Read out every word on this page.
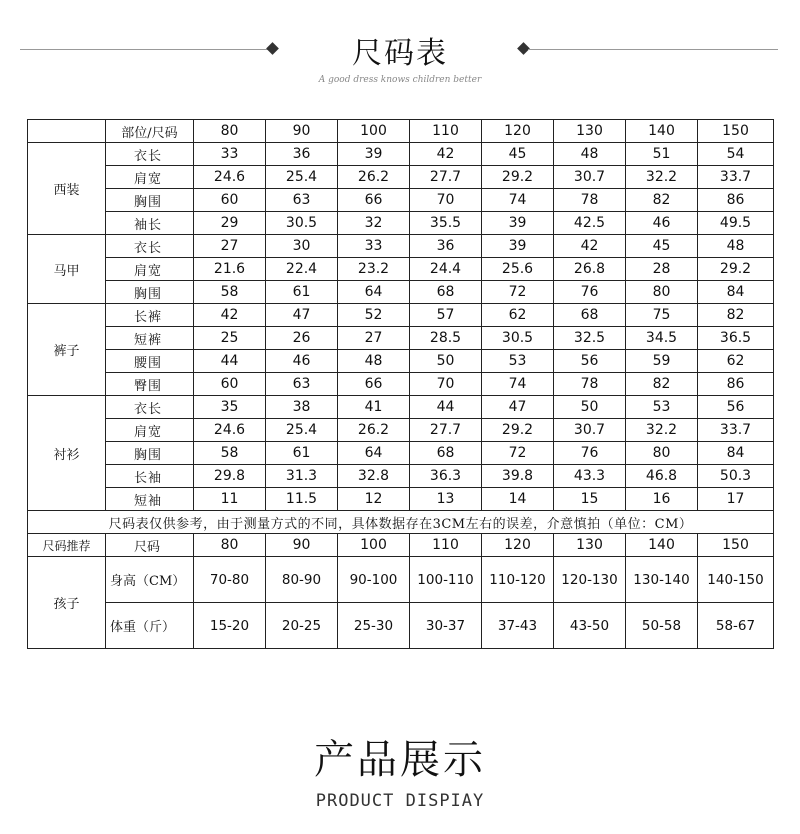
尺码表
A good dress knows children better
	部位/尺码	80	90	100	110	120	130	140	150
西装	衣长	33	36	39	42	45	48	51	54
	肩宽	24.6	25.4	26.2	27.7	29.2	30.7	32.2	33.7
	胸围	60	63	66	70	74	78	82	86
	袖长	29	30.5	32	35.5	39	42.5	46	49.5
马甲	衣长	27	30	33	36	39	42	45	48
	肩宽	21.6	22.4	23.2	24.4	25.6	26.8	28	29.2
	胸围	58	61	64	68	72	76	80	84
裤子	长裤	42	47	52	57	62	68	75	82
	短裤	25	26	27	28.5	30.5	32.5	34.5	36.5
	腰围	44	46	48	50	53	56	59	62
	臀围	60	63	66	70	74	78	82	86
衬衫	衣长	35	38	41	44	47	50	53	56
	肩宽	24.6	25.4	26.2	27.7	29.2	30.7	32.2	33.7
	胸围	58	61	64	68	72	76	80	84
	长袖	29.8	31.3	32.8	36.3	39.8	43.3	46.8	50.3
	短袖	11	11.5	12	13	14	15	16	17
尺码表仅供参考，由于测量方式的不同，具体数据存在3CM左右的误差，介意慎拍（单位：CM）									
尺码推荐	尺码	80	90	100	110	120	130	140	150
孩子	身高（CM）	70-80	80-90	90-100	100-110	110-120	120-130	130-140	140-150
	体重（斤）	15-20	20-25	25-30	30-37	37-43	43-50	50-58	58-67
产品展示
PRODUCT DISPIAY
